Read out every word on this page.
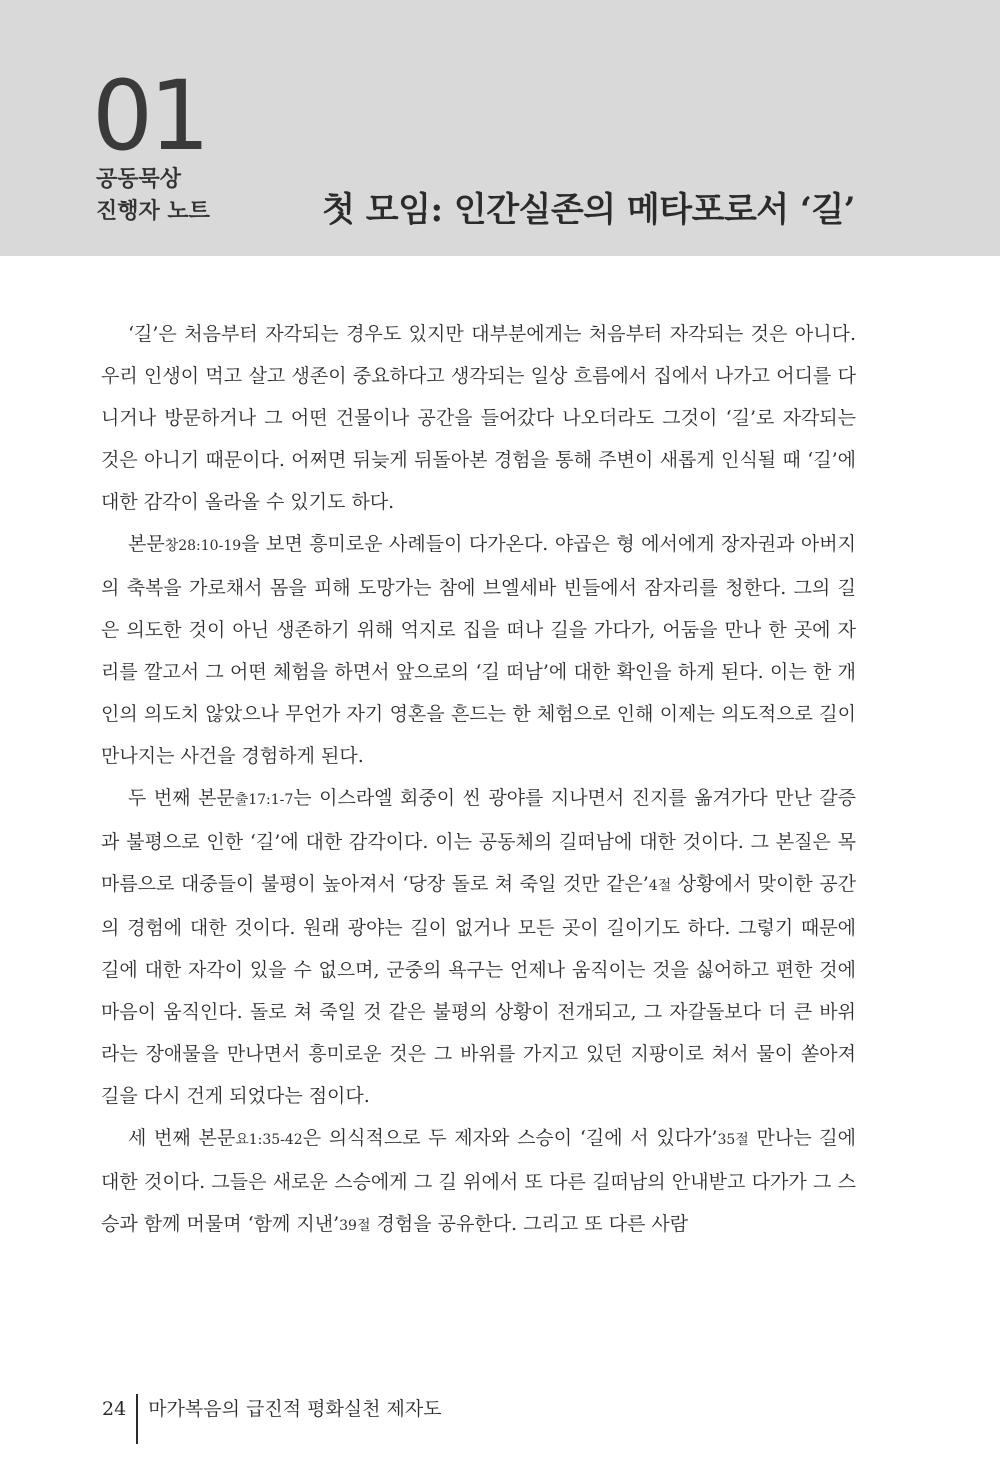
01
공동묵상
진행자 노트	첫 모임: 인간실존의 메타포로서 ‘길’

‘길’은 처음부터 자각되는 경우도 있지만 대부분에게는 처음부터 자각되는 것은 아니다. 우리 인생이 먹고 살고 생존이 중요하다고 생각되는 일상 흐름에서 집에서 나가고 어디를 다니거나 방문하거나 그 어떤 건물이나 공간을 들어갔다 나오더라도 그것이 ‘길’로 자각되는 것은 아니기 때문이다. 어쩌면 뒤늦게 뒤돌아본 경험을 통해 주변이 새롭게 인식될 때 ‘길’에 대한 감각이 올라올 수 있기도 하다.

본문창28:10-19을 보면 흥미로운 사례들이 다가온다. 야곱은 형 에서에게 장자권과 아버지의 축복을 가로채서 몸을 피해 도망가는 참에 브엘세바 빈들에서 잠자리를 청한다. 그의 길은 의도한 것이 아닌 생존하기 위해 억지로 집을 떠나 길을 가다가, 어둠을 만나 한 곳에 자리를 깔고서 그 어떤 체험을 하면서 앞으로의 ‘길 떠남’에 대한 확인을 하게 된다. 이는 한 개인의 의도치 않았으나 무언가 자기 영혼을 흔드는 한 체험으로 인해 이제는 의도적으로 길이 만나지는 사건을 경험하게 된다.

두 번째 본문출17:1-7는 이스라엘 회중이 씬 광야를 지나면서 진지를 옮겨가다 만난 갈증과 불평으로 인한 ‘길’에 대한 감각이다. 이는 공동체의 길떠남에 대한 것이다. 그 본질은 목마름으로 대중들이 불평이 높아져서 ‘당장 돌로 쳐 죽일 것만 같은’4절 상황에서 맞이한 공간의 경험에 대한 것이다. 원래 광야는 길이 없거나 모든 곳이 길이기도 하다. 그렇기 때문에 길에 대한 자각이 있을 수 없으며, 군중의 욕구는 언제나 움직이는 것을 싫어하고 편한 것에 마음이 움직인다. 돌로 쳐 죽일 것 같은 불평의 상황이 전개되고, 그 자갈돌보다 더 큰 바위라는 장애물을 만나면서 흥미로운 것은 그 바위를 가지고 있던 지팡이로 쳐서 물이 쏟아져 길을 다시 건게 되었다는 점이다.

세 번째 본문요1:35-42은 의식적으로 두 제자와 스승이 ‘길에 서 있다가’35절 만나는 길에 대한 것이다. 그들은 새로운 스승에게 그 길 위에서 또 다른 길떠남의 안내받고 다가가 그 스승과 함께 머물며 ‘함께 지낸’39절 경험을 공유한다. 그리고 또 다른 사람

24 마가복음의 급진적 평화실천 제자도
